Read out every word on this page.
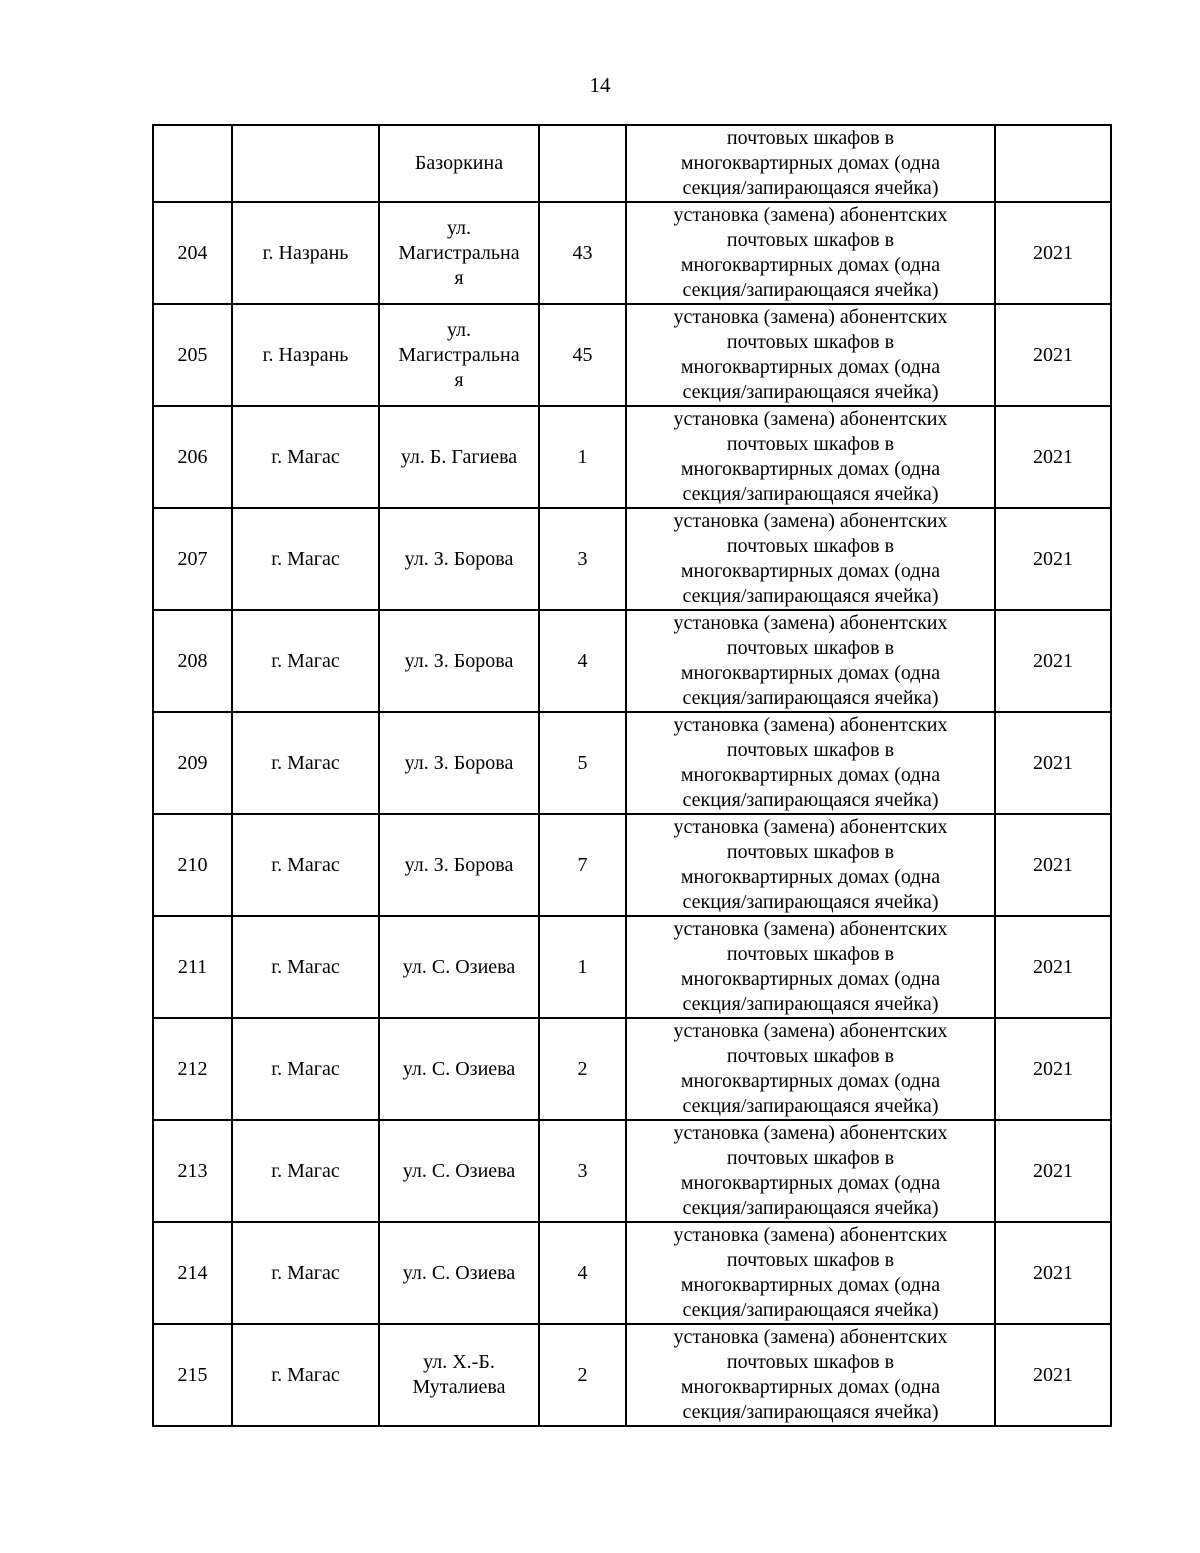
14

		Базоркина		почтовых шкафов в
многоквартирных домах (одна
секция/запирающаяся ячейка)	

204	г. Назрань	ул.
Магистральна
я	43	установка (замена) абонентских
почтовых шкафов в
многоквартирных домах (одна
секция/запирающаяся ячейка)	2021

205	г. Назрань	ул.
Магистральна
я	45	установка (замена) абонентских
почтовых шкафов в
многоквартирных домах (одна
секция/запирающаяся ячейка)	2021

206	г. Магас	ул. Б. Гагиева	1	установка (замена) абонентских
почтовых шкафов в
многоквартирных домах (одна
секция/запирающаяся ячейка)	2021

207	г. Магас	ул. З. Борова	3	установка (замена) абонентских
почтовых шкафов в
многоквартирных домах (одна
секция/запирающаяся ячейка)	2021

208	г. Магас	ул. З. Борова	4	установка (замена) абонентских
почтовых шкафов в
многоквартирных домах (одна
секция/запирающаяся ячейка)	2021

209	г. Магас	ул. З. Борова	5	установка (замена) абонентских
почтовых шкафов в
многоквартирных домах (одна
секция/запирающаяся ячейка)	2021

210	г. Магас	ул. З. Борова	7	установка (замена) абонентских
почтовых шкафов в
многоквартирных домах (одна
секция/запирающаяся ячейка)	2021

211	г. Магас	ул. С. Озиева	1	установка (замена) абонентских
почтовых шкафов в
многоквартирных домах (одна
секция/запирающаяся ячейка)	2021

212	г. Магас	ул. С. Озиева	2	установка (замена) абонентских
почтовых шкафов в
многоквартирных домах (одна
секция/запирающаяся ячейка)	2021

213	г. Магас	ул. С. Озиева	3	установка (замена) абонентских
почтовых шкафов в
многоквартирных домах (одна
секция/запирающаяся ячейка)	2021

214	г. Магас	ул. С. Озиева	4	установка (замена) абонентских
почтовых шкафов в
многоквартирных домах (одна
секция/запирающаяся ячейка)	2021

215	г. Магас	ул. Х.-Б.
Муталиева	2	установка (замена) абонентских
почтовых шкафов в
многоквартирных домах (одна
секция/запирающаяся ячейка)	2021
